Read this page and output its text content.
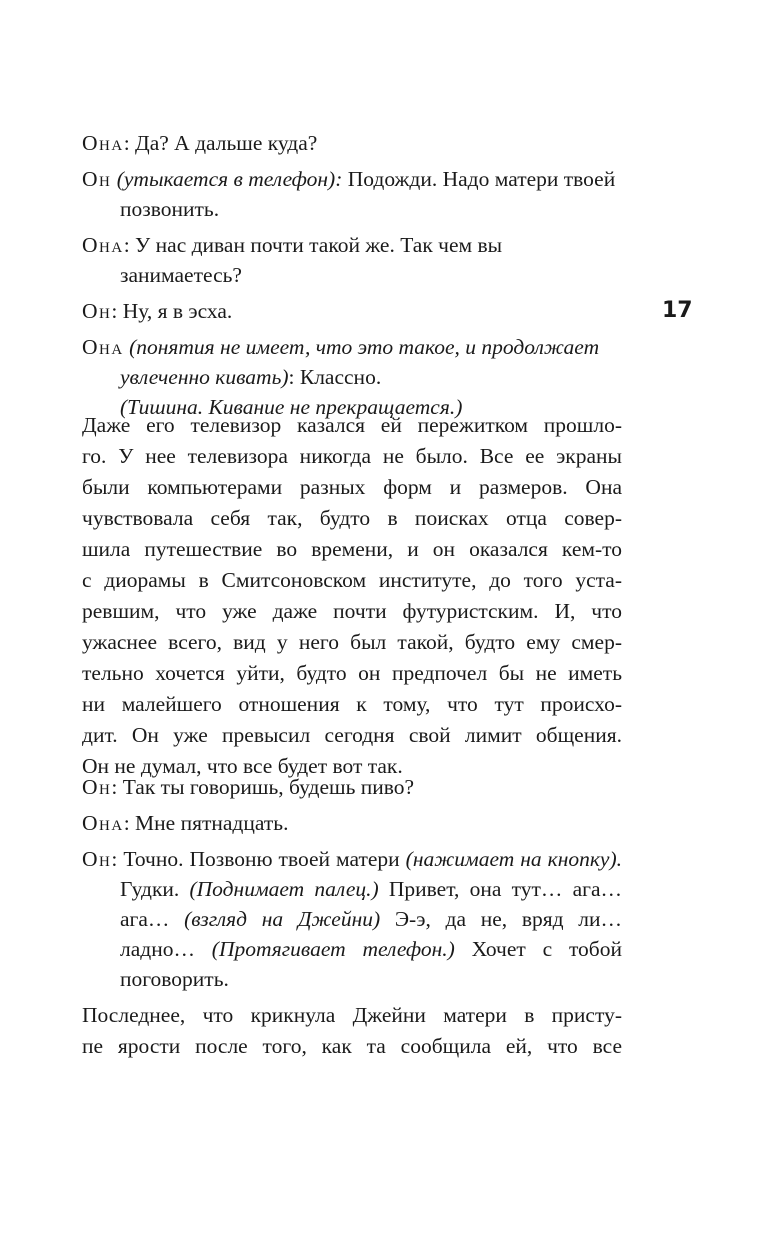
Она: Да? А дальше куда?
Он (утыкается в телефон): Подожди. Надо матери твоей позвонить.
Она: У нас диван почти такой же. Так чем вы занимаетесь?
Он: Ну, я в эсха.
Она (понятия не имеет, что это такое, и продолжает увлеченно кивать): Классно.
(Тишина. Кивание не прекращается.)
17
Даже его телевизор казался ей пережитком прошло-
го. У нее телевизора никогда не было. Все ее экраны
были компьютерами разных форм и размеров. Она
чувствовала себя так, будто в поисках отца совер-
шила путешествие во времени, и он оказался кем-то
с диорамы в Смитсоновском институте, до того уста-
ревшим, что уже даже почти футуристским. И, что
ужаснее всего, вид у него был такой, будто ему смер-
тельно хочется уйти, будто он предпочел бы не иметь
ни малейшего отношения к тому, что тут происхо-
дит. Он уже превысил сегодня свой лимит общения.
Он не думал, что все будет вот так.
Он: Так ты говоришь, будешь пиво?
Она: Мне пятнадцать.
Он: Точно. Позвоню твоей матери (нажимает на кнопку). Гудки. (Поднимает палец.) Привет, она тут… ага… ага… (взгляд на Джейни) Э-э, да не, вряд ли… ладно… (Протягивает телефон.) Хочет с тобой поговорить.
Последнее, что крикнула Джейни матери в присту-
пе ярости после того, как та сообщила ей, что все
